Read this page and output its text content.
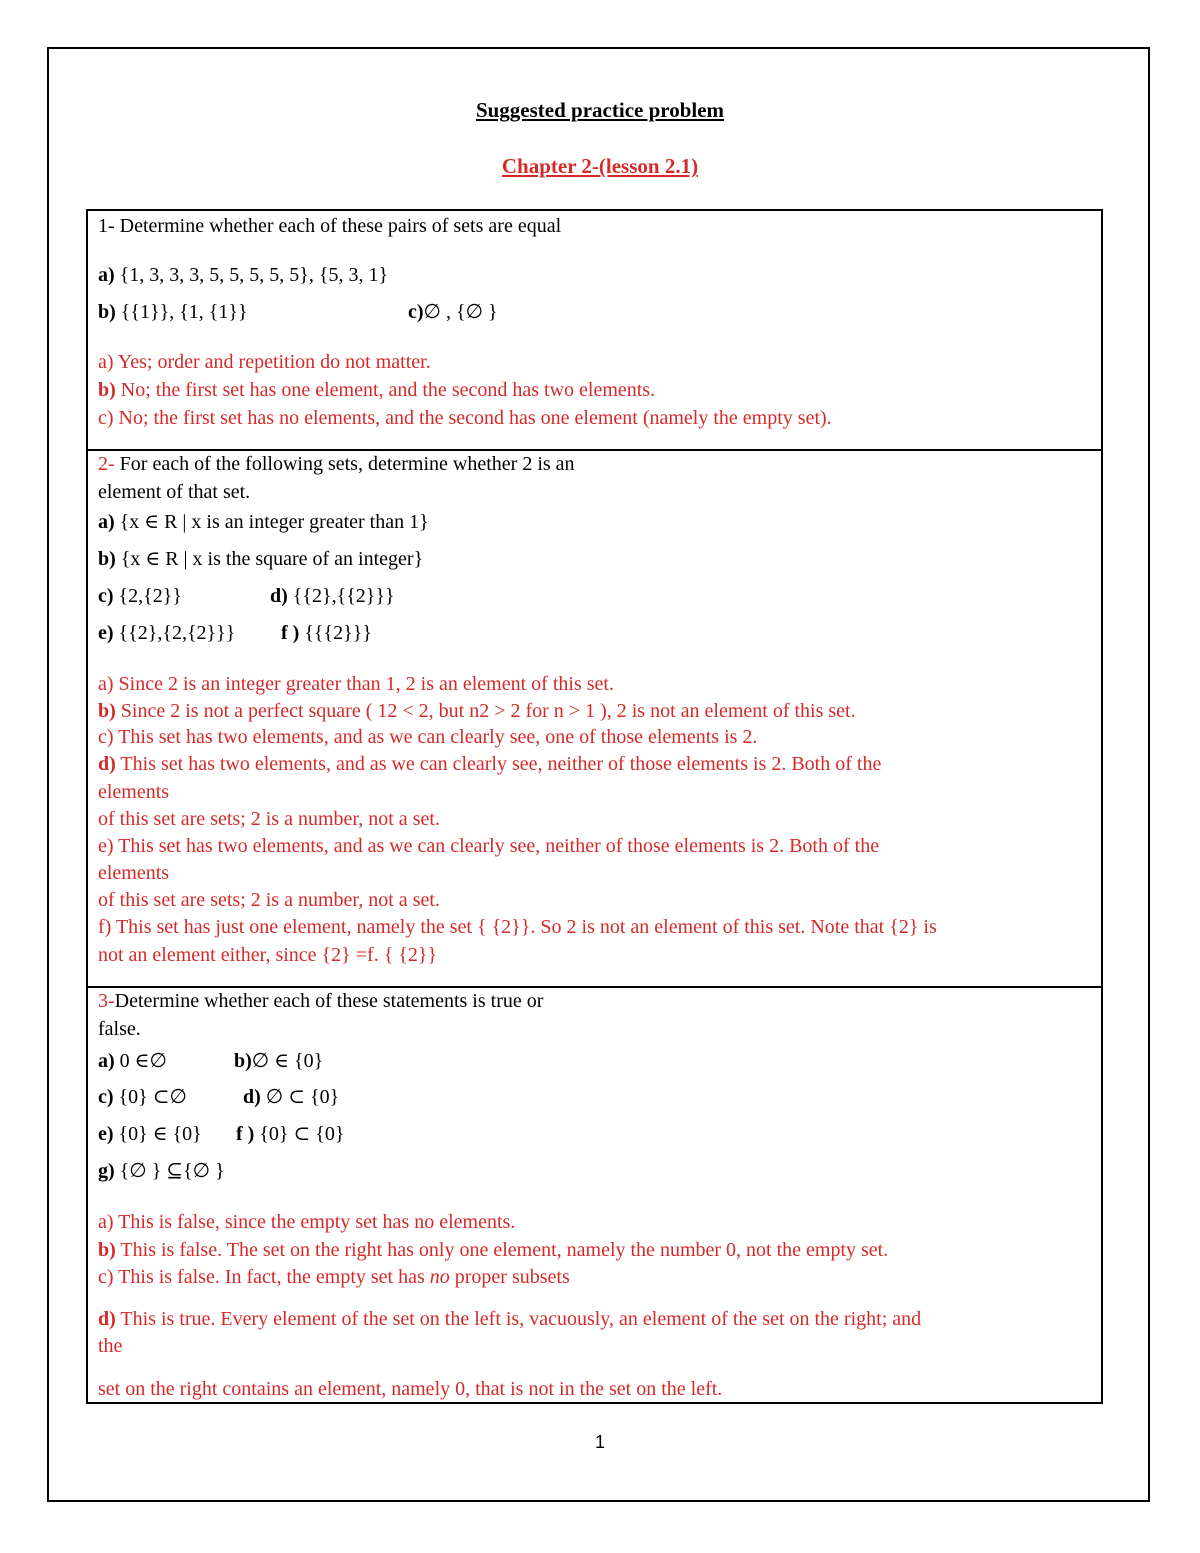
Suggested practice problem
Chapter 2-(lesson 2.1)
1- Determine whether each of these pairs of sets are equal
a) {1, 3, 3, 3, 5, 5, 5, 5, 5}, {5, 3, 1}
b) {{1}}, {1, {1}}	c)∅ , {∅ }
a) Yes; order and repetition do not matter.
b) No; the first set has one element, and the second has two elements.
c) No; the first set has no elements, and the second has one element (namely the empty set).
2- For each of the following sets, determine whether 2 is an
element of that set.
a) {x ∈ R | x is an integer greater than 1}
b) {x ∈ R | x is the square of an integer}
c) {2,{2}}	d) {{2},{{2}}}
e) {{2},{2,{2}}} f ) {{{2}}}
a) Since 2 is an integer greater than 1, 2 is an element of this set.
b) Since 2 is not a perfect square ( 12 < 2, but n2 > 2 for n > 1 ), 2 is not an element of this set.
c) This set has two elements, and as we can clearly see, one of those elements is 2.
d) This set has two elements, and as we can clearly see, neither of those elements is 2. Both of the
elements
of this set are sets; 2 is a number, not a set.
e) This set has two elements, and as we can clearly see, neither of those elements is 2. Both of the
elements
of this set are sets; 2 is a number, not a set.
f) This set has just one element, namely the set { {2}}. So 2 is not an element of this set. Note that {2} is
not an element either, since {2} =f. { {2}}
3-Determine whether each of these statements is true or
false.
a) 0 ∈∅	b)∅ ∈ {0}
c) {0} ⊂∅	d) ∅ ⊂ {0}
e) {0} ∈ {0} f ) {0} ⊂ {0}
g) {∅ } ⊆{∅ }
a) This is false, since the empty set has no elements.
b) This is false. The set on the right has only one element, namely the number 0, not the empty set.
c) This is false. In fact, the empty set has no proper subsets
d) This is true. Every element of the set on the left is, vacuously, an element of the set on the right; and
the
set on the right contains an element, namely 0, that is not in the set on the left.
1
